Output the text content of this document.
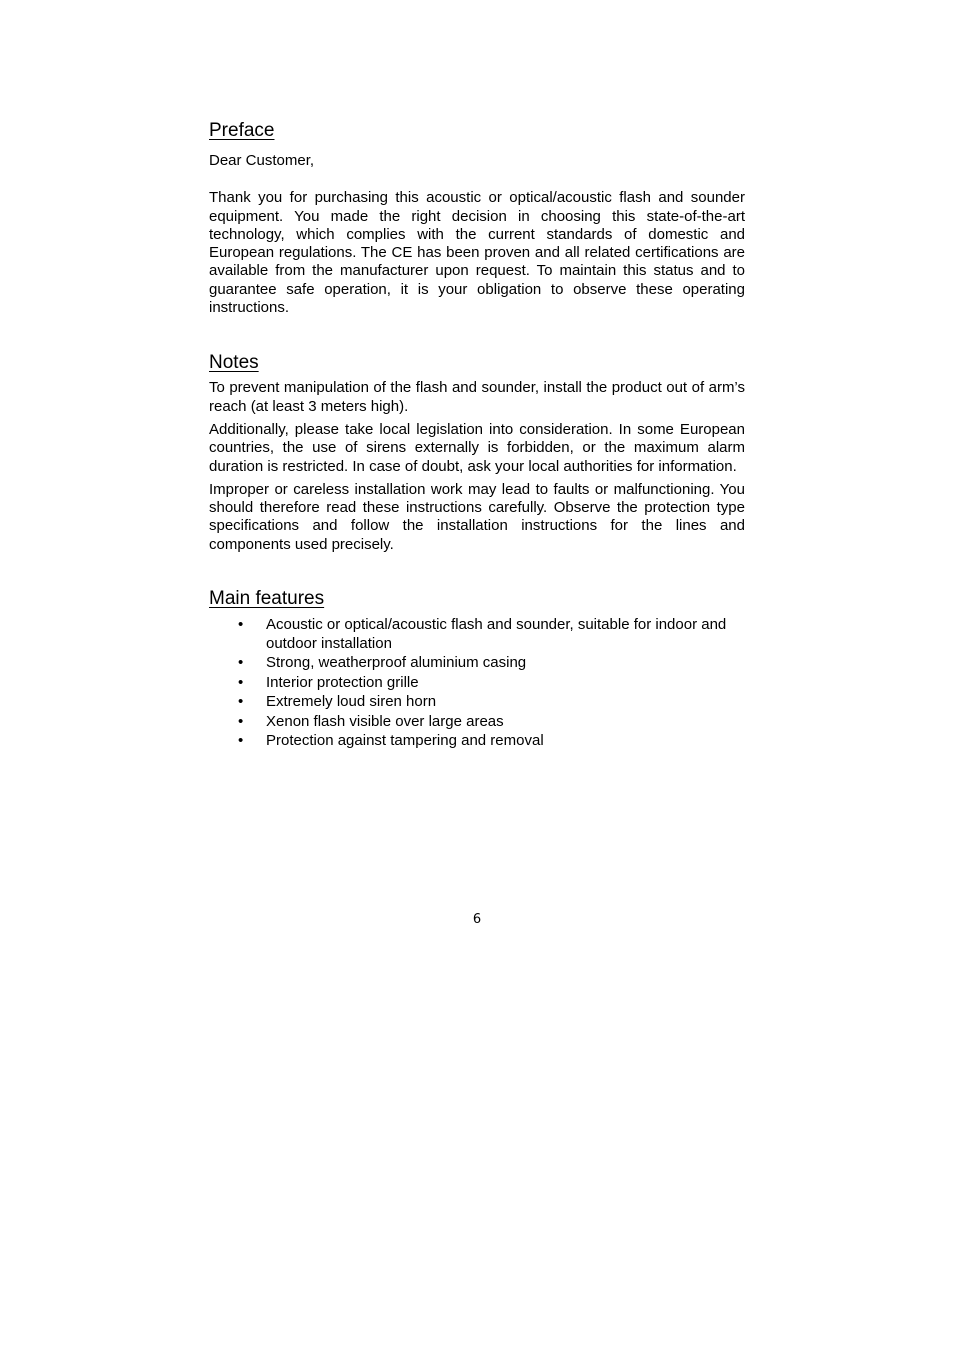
Preface

Dear Customer,

Thank you for purchasing this acoustic or optical/acoustic flash and sounder equipment. You made the right decision in choosing this state-of-the-art technology, which complies with the current standards of domestic and European regulations. The CE has been proven and all related certifications are available from the manufacturer upon request. To maintain this status and to guarantee safe operation, it is your obligation to observe these operating instructions.

Notes

To prevent manipulation of the flash and sounder, install the product out of arm’s reach (at least 3 meters high).

Additionally, please take local legislation into consideration. In some European countries, the use of sirens externally is forbidden, or the maximum alarm duration is restricted. In case of doubt, ask your local authorities for information.

Improper or careless installation work may lead to faults or malfunctioning. You should therefore read these instructions carefully. Observe the protection type specifications and follow the installation instructions for the lines and components used precisely.

Main features
• Acoustic or optical/acoustic flash and sounder, suitable for indoor and outdoor installation
• Strong, weatherproof aluminium casing
• Interior protection grille
• Extremely loud siren horn
• Xenon flash visible over large areas
• Protection against tampering and removal
6
